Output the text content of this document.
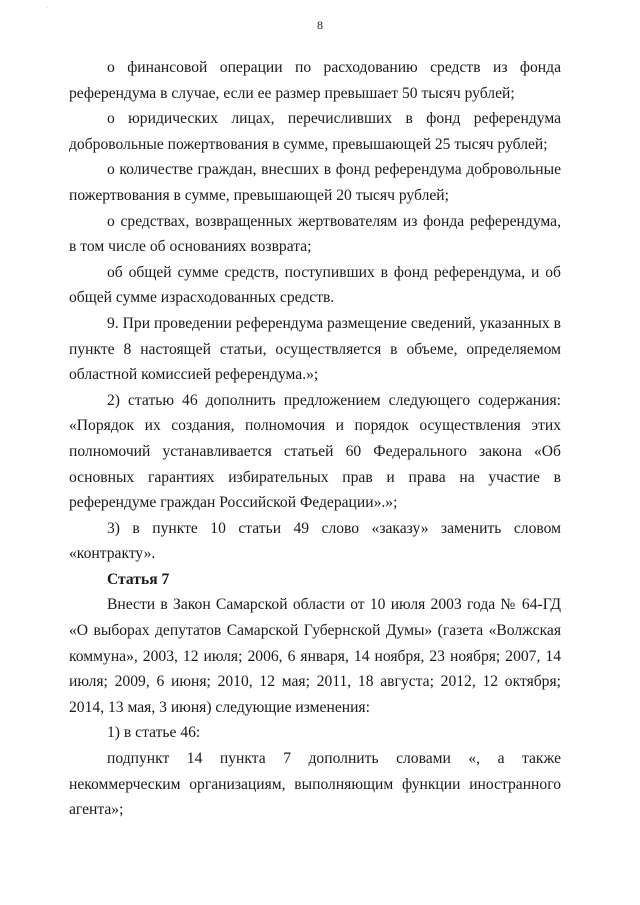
·
8

о финансовой операции по расходованию средств из фонда референдума в случае, если ее размер превышает 50 тысяч рублей;

о юридических лицах, перечисливших в фонд референдума добровольные пожертвования в сумме, превышающей 25 тысяч рублей;

о количестве граждан, внесших в фонд референдума добровольные пожертвования в сумме, превышающей 20 тысяч рублей;

о средствах, возвращенных жертвователям из фонда референдума, в том числе об основаниях возврата;

об общей сумме средств, поступивших в фонд референдума, и об общей сумме израсходованных средств.

9. При проведении референдума размещение сведений, указанных в пункте 8 настоящей статьи, осуществляется в объеме, определяемом областной комиссией референдума.»;

2) статью 46 дополнить предложением следующего содержания: «Порядок их создания, полномочия и порядок осуществления этих полномочий устанавливается статьей 60 Федерального закона «Об основных гарантиях избирательных прав и права на участие в референдуме граждан Российской Федерации».»;

3) в пункте 10 статьи 49 слово «заказу» заменить словом «контракту».

Статья 7

Внести в Закон Самарской области от 10 июля 2003 года № 64-ГД «О выборах депутатов Самарской Губернской Думы» (газета «Волжская коммуна», 2003, 12 июля; 2006, 6 января, 14 ноября, 23 ноября; 2007, 14 июля; 2009, 6 июня; 2010, 12 мая; 2011, 18 августа; 2012, 12 октября; 2014, 13 мая, 3 июня) следующие изменения:

1) в статье 46:

подпункт 14 пункта 7 дополнить словами «, а также некоммерческим организациям, выполняющим функции иностранного агента»;
